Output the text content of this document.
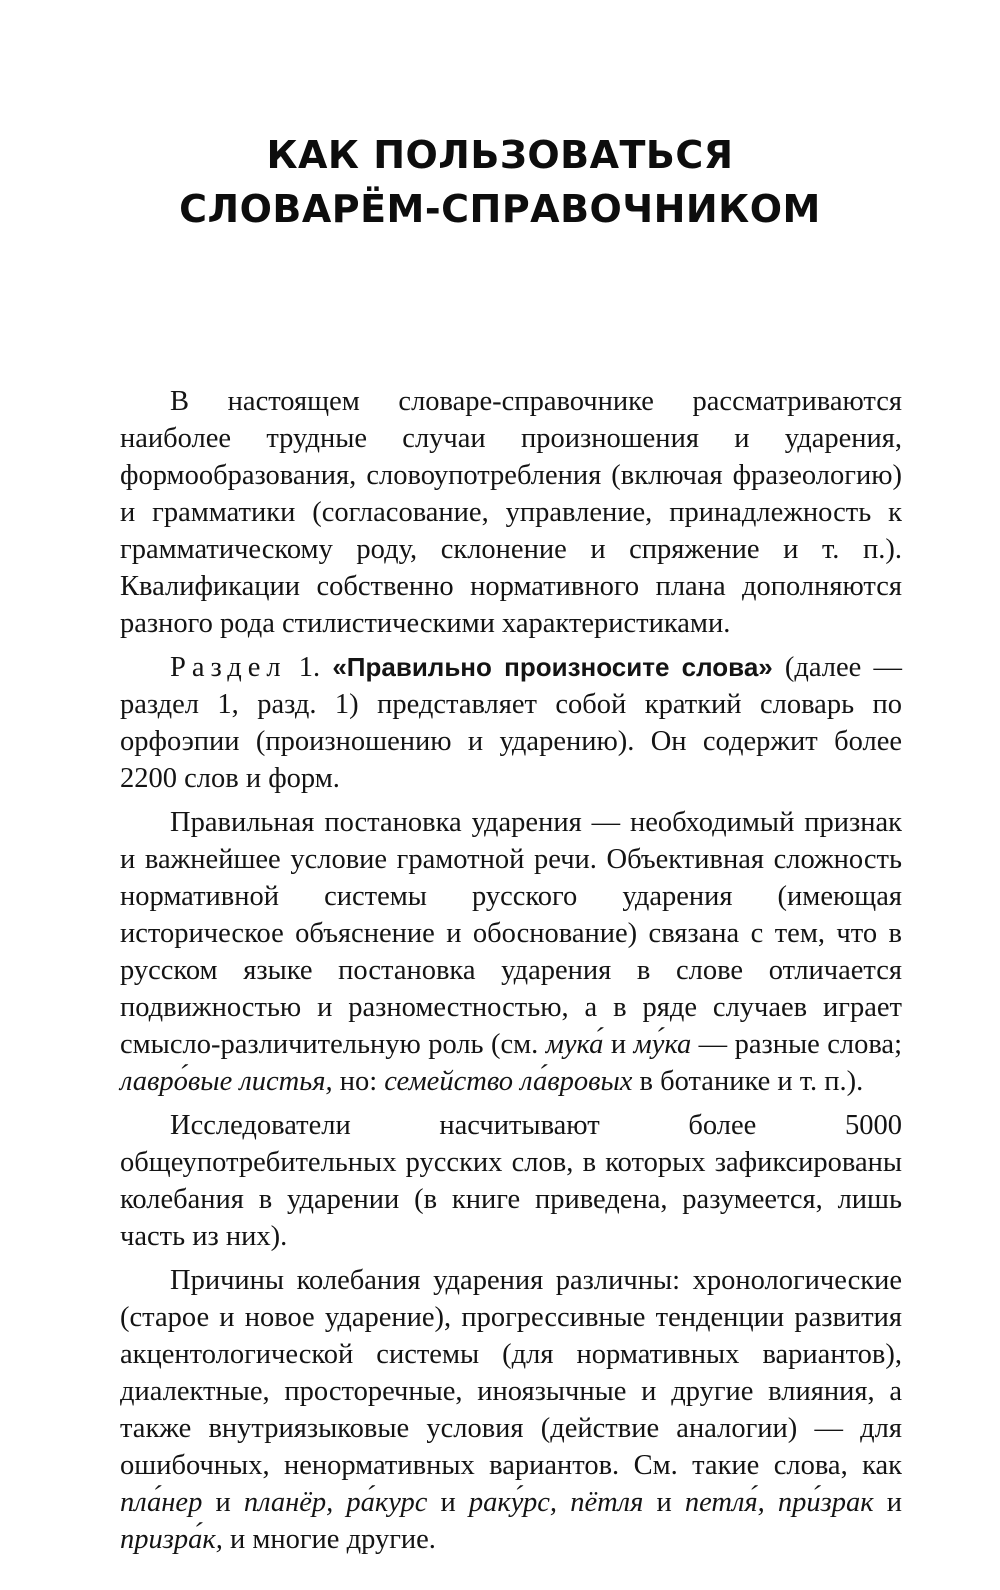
КАК ПОЛЬЗОВАТЬСЯ
СЛОВАРЁМ-СПРАВОЧНИКОМ

В настоящем словаре-справочнике рассматриваются наиболее трудные случаи произношения и ударения, формообразования, словоупотребления (включая фразеологию) и грамматики (согласование, управление, принадлежность к грамматическому роду, склонение и спряжение и т. п.). Квалификации собственно нормативного плана дополняются разного рода стилистическими характеристиками.

Раздел 1. «Правильно произносите слова» (далее — раздел 1, разд. 1) представляет собой краткий словарь по орфоэпии (произношению и ударению). Он содержит более 2200 слов и форм.

Правильная постановка ударения — необходимый признак и важнейшее условие грамотной речи. Объективная сложность нормативной системы русского ударения (имеющая историческое объяснение и обоснование) связана с тем, что в русском языке постановка ударения в слове отличается подвижностью и разноместностью, а в ряде случаев играет смысло-различительную роль (см. мука́ и му́ка — разные слова; лавро́вые листья, но: семейство ла́вровых в ботанике и т. п.).

Исследователи насчитывают более 5000 общеупотребительных русских слов, в которых зафиксированы колебания в ударении (в книге приведена, разумеется, лишь часть из них).

Причины колебания ударения различны: хронологические (старое и новое ударение), прогрессивные тенденции развития акцентологической системы (для нормативных вариантов), диалектные, просторечные, иноязычные и другие влияния, а также внутриязыковые условия (действие аналогии) — для ошибочных, ненормативных вариантов. См. такие слова, как пла́нер и планёр, ра́курс и раку́рс, пётля и петля́, при́зрак и призра́к, и многие другие.
